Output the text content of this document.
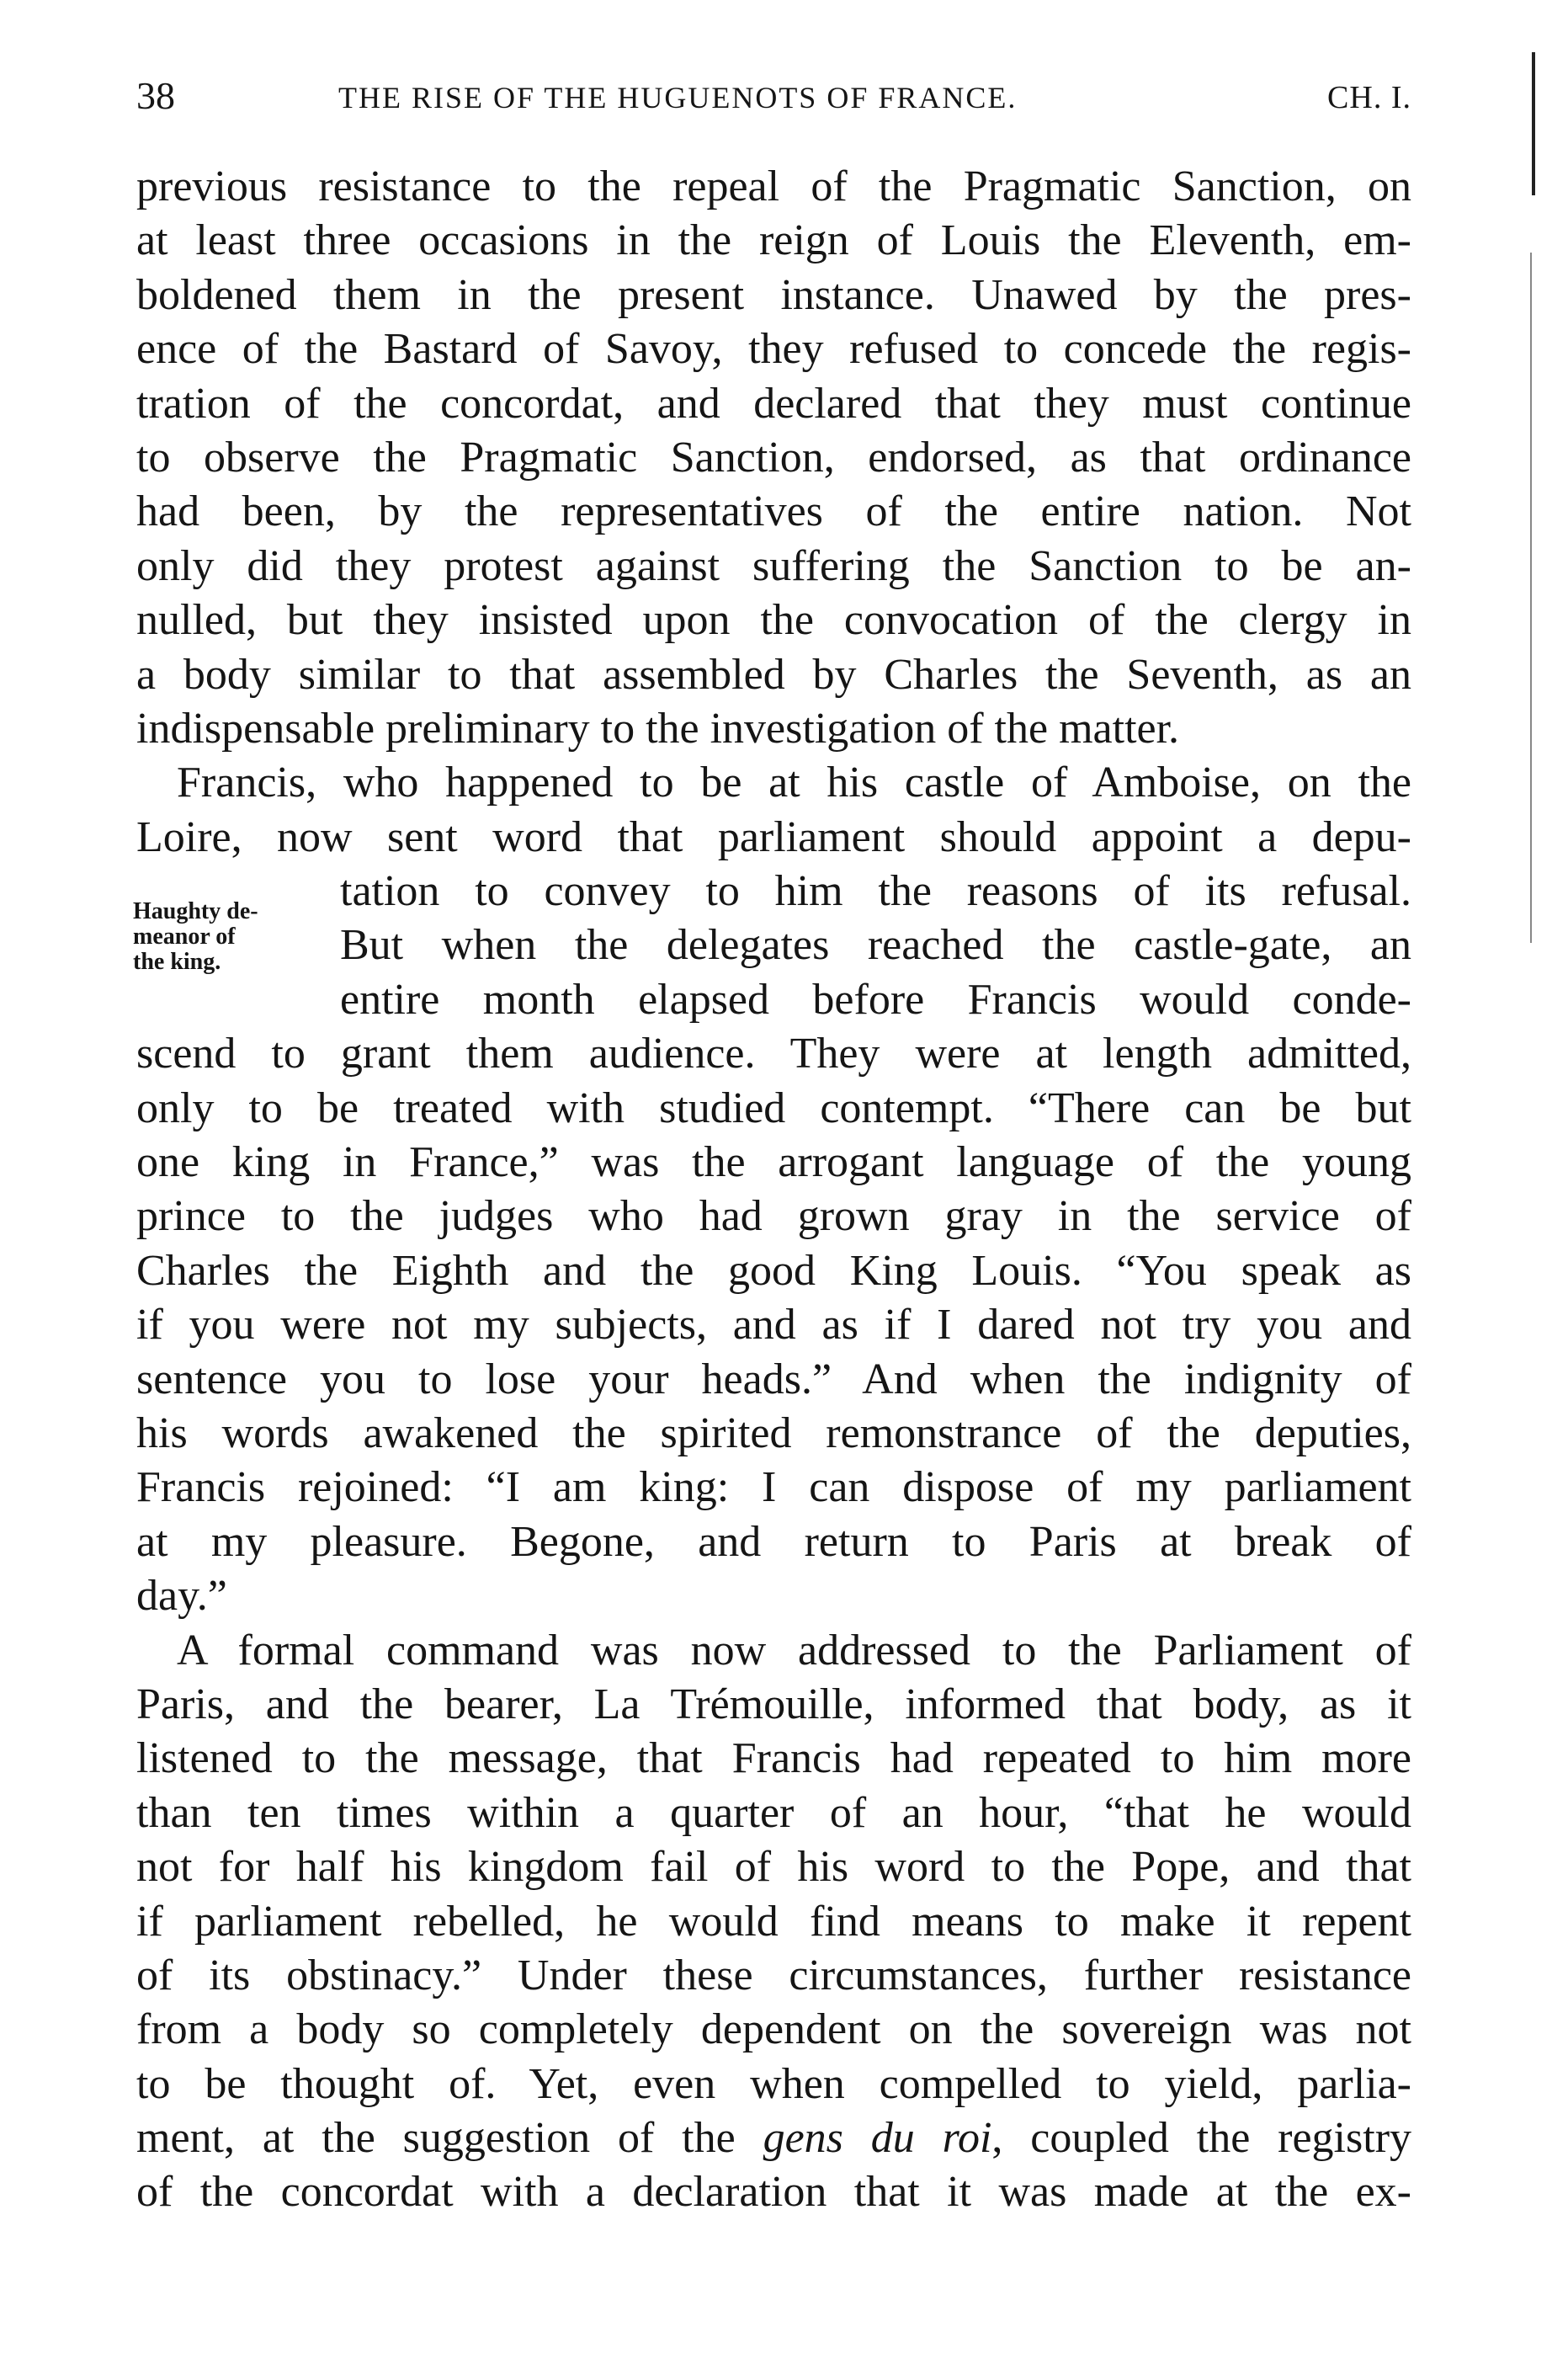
38	THE RISE OF THE HUGUENOTS OF FRANCE.	CH. I.
Haughty de-
meanor of
the king.
previous resistance to the repeal of the Pragmatic Sanction, on
at least three occasions in the reign of Louis the Eleventh, em-
boldened them in the present instance. Unawed by the pres-
ence of the Bastard of Savoy, they refused to concede the regis-
tration of the concordat, and declared that they must continue
to observe the Pragmatic Sanction, endorsed, as that ordinance
had been, by the representatives of the entire nation. Not
only did they protest against suffering the Sanction to be an-
nulled, but they insisted upon the convocation of the clergy in
a body similar to that assembled by Charles the Seventh, as an
indispensable preliminary to the investigation of the matter.
Francis, who happened to be at his castle of Amboise, on the
Loire, now sent word that parliament should appoint a depu-
tation to convey to him the reasons of its refusal.
But when the delegates reached the castle-gate, an
entire month elapsed before Francis would conde-
scend to grant them audience. They were at length admitted,
only to be treated with studied contempt. “There can be but
one king in France,” was the arrogant language of the young
prince to the judges who had grown gray in the service of
Charles the Eighth and the good King Louis. “You speak as
if you were not my subjects, and as if I dared not try you and
sentence you to lose your heads.” And when the indignity of
his words awakened the spirited remonstrance of the deputies,
Francis rejoined: “I am king: I can dispose of my parliament
at my pleasure. Begone, and return to Paris at break of
day.”
A formal command was now addressed to the Parliament of
Paris, and the bearer, La Trémouille, informed that body, as it
listened to the message, that Francis had repeated to him more
than ten times within a quarter of an hour, “that he would
not for half his kingdom fail of his word to the Pope, and that
if parliament rebelled, he would find means to make it repent
of its obstinacy.” Under these circumstances, further resistance
from a body so completely dependent on the sovereign was not
to be thought of. Yet, even when compelled to yield, parlia-
ment, at the suggestion of the gens du roi, coupled the registry
of the concordat with a declaration that it was made at the ex-
